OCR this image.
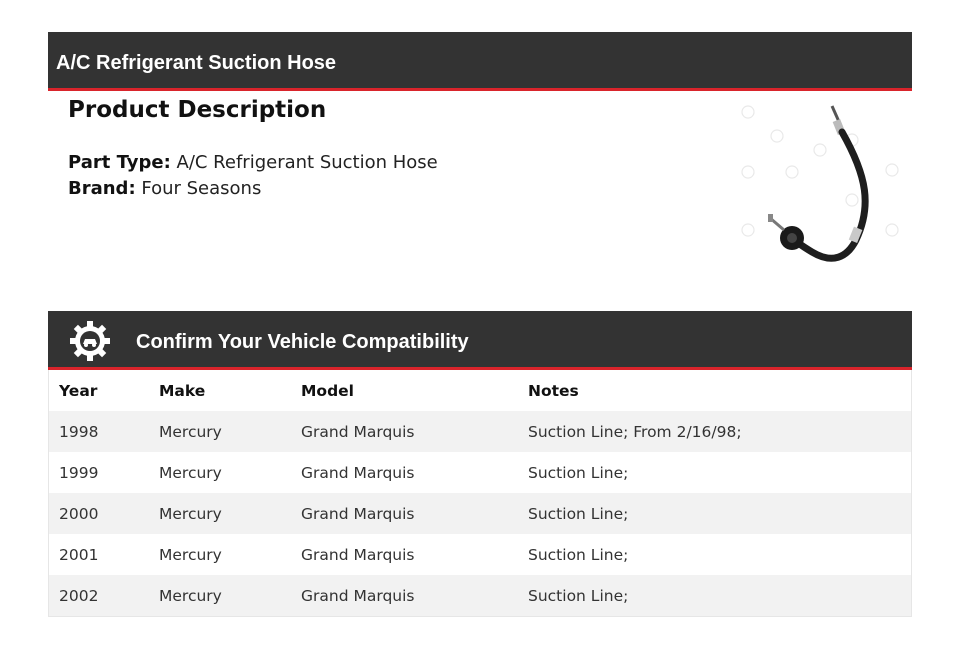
A/C Refrigerant Suction Hose
Product Description
Part Type: A/C Refrigerant Suction Hose
Brand: Four Seasons
Confirm Your Vehicle Compatibility
Year	Make	Model	Notes
1998	Mercury	Grand Marquis	Suction Line; From 2/16/98;
1999	Mercury	Grand Marquis	Suction Line;
2000	Mercury	Grand Marquis	Suction Line;
2001	Mercury	Grand Marquis	Suction Line;
2002	Mercury	Grand Marquis	Suction Line;
